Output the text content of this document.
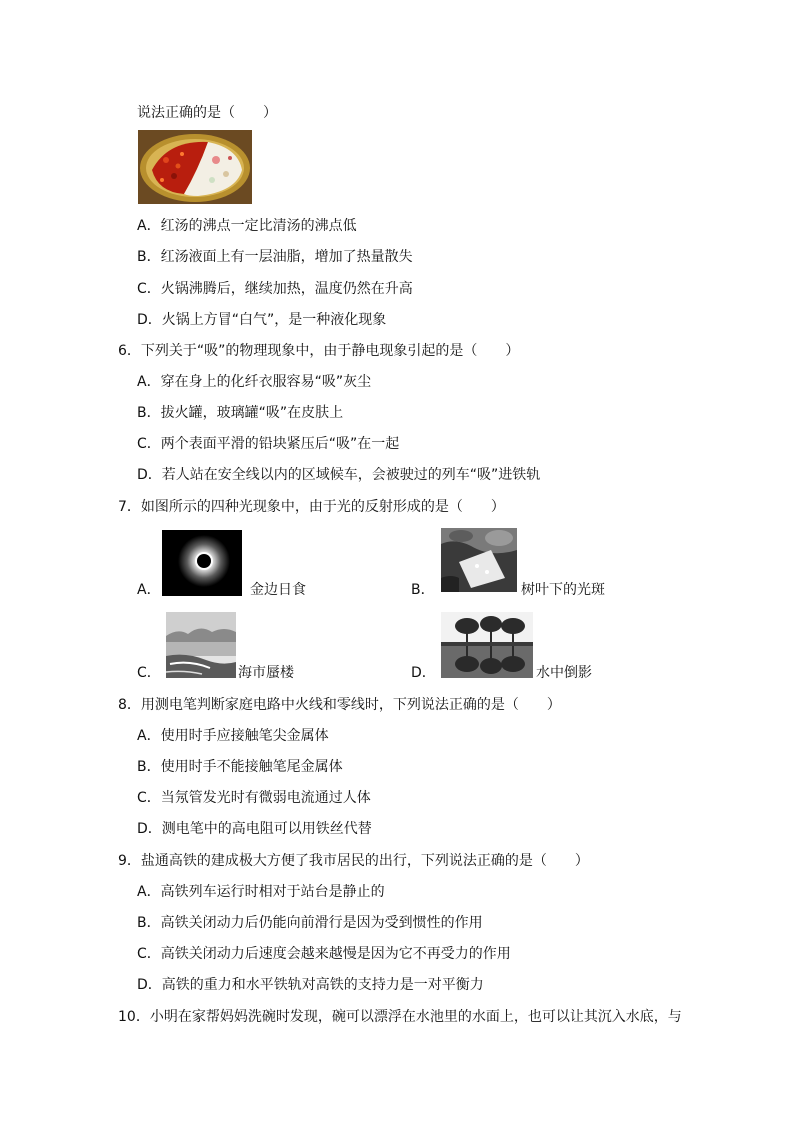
说法正确的是（　　）
A．红汤的沸点一定比清汤的沸点低
B．红汤液面上有一层油脂，增加了热量散失
C．火锅沸腾后，继续加热，温度仍然在升高
D．火锅上方冒“白气”，是一种液化现象
6．下列关于“吸”的物理现象中，由于静电现象引起的是（　　）
A．穿在身上的化纤衣服容易“吸”灰尘
B．拔火罐，玻璃罐“吸”在皮肤上
C．两个表面平滑的铅块紧压后“吸”在一起
D．若人站在安全线以内的区域候车，会被驶过的列车“吸”进铁轨
7．如图所示的四种光现象中，由于光的反射形成的是（　　）
A．	金边日食	B．	树叶下的光斑
C．	海市蜃楼	D．	水中倒影
8．用测电笔判断家庭电路中火线和零线时，下列说法正确的是（　　）
A．使用时手应接触笔尖金属体
B．使用时手不能接触笔尾金属体
C．当氖管发光时有微弱电流通过人体
D．测电笔中的高电阻可以用铁丝代替
9．盐通高铁的建成极大方便了我市居民的出行，下列说法正确的是（　　）
A．高铁列车运行时相对于站台是静止的
B．高铁关闭动力后仍能向前滑行是因为受到惯性的作用
C．高铁关闭动力后速度会越来越慢是因为它不再受力的作用
D．高铁的重力和水平铁轨对高铁的支持力是一对平衡力
10．小明在家帮妈妈洗碗时发现，碗可以漂浮在水池里的水面上，也可以让其沉入水底，与
